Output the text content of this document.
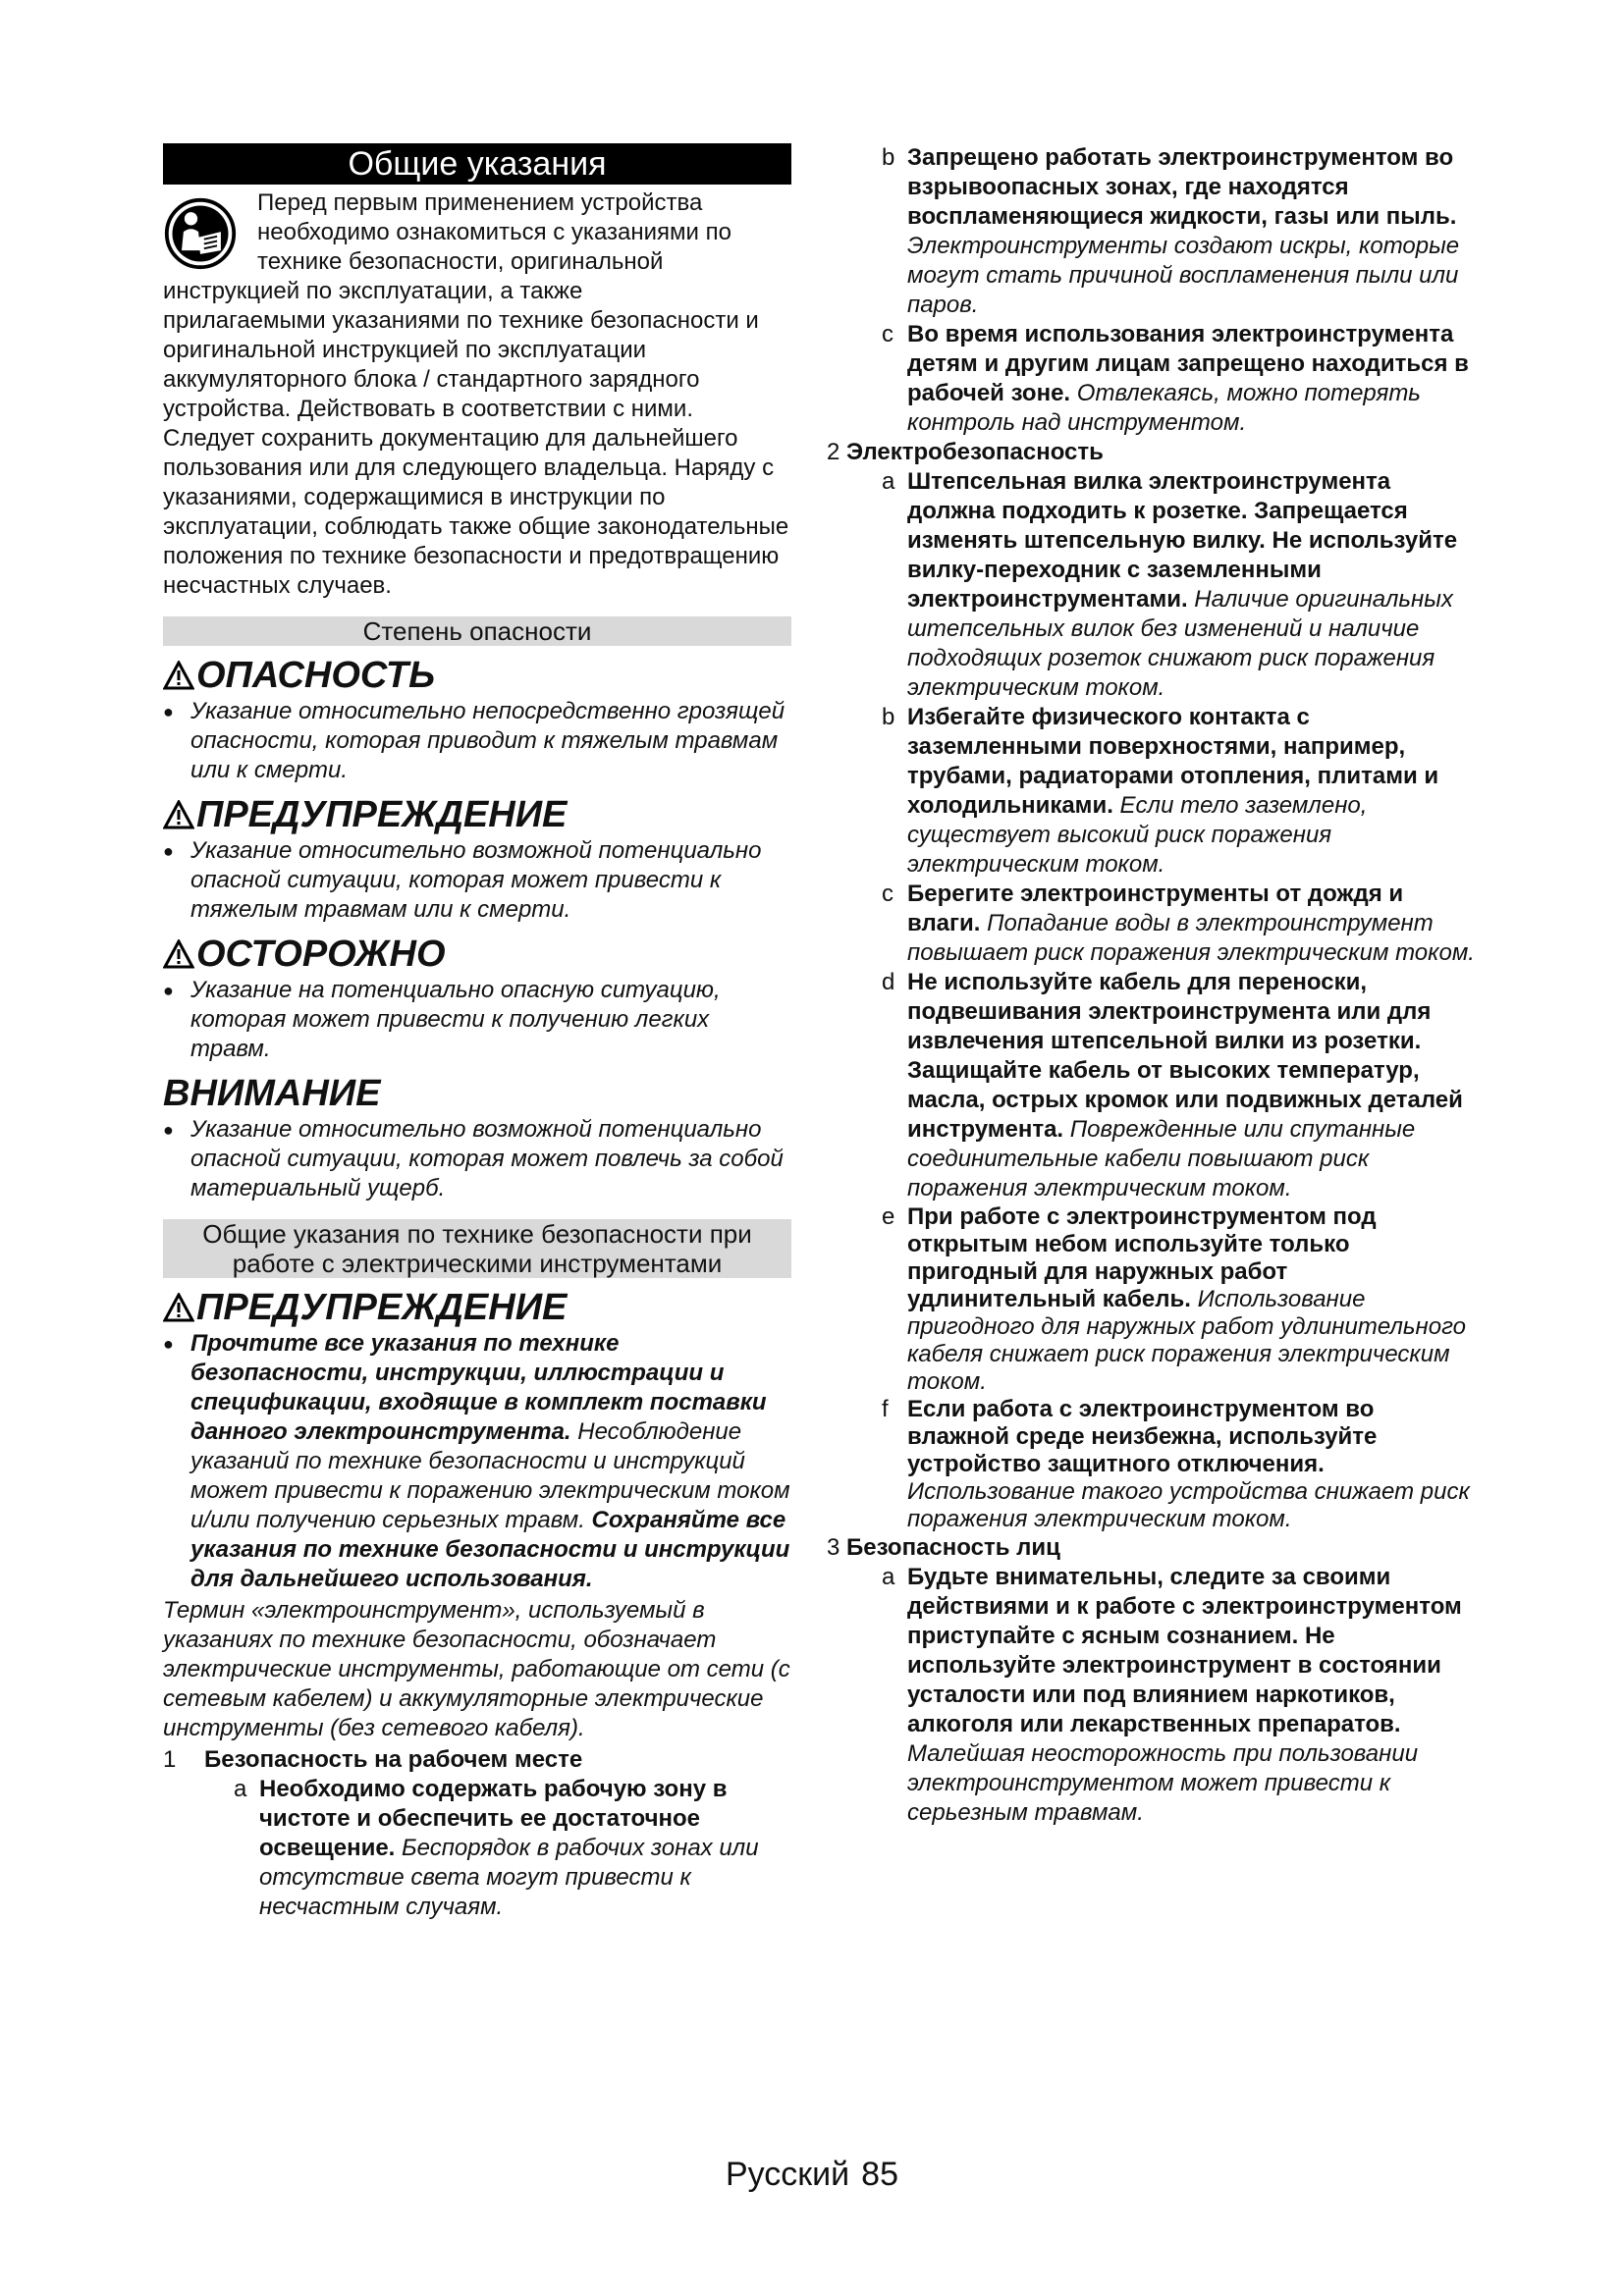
Общие указания

Перед первым применением устройства необходимо ознакомиться с указаниями по технике безопасности, оригинальной инструкцией по эксплуатации, а также

прилагаемыми указаниями по технике безопасности и оригинальной инструкцией по эксплуатации аккумуляторного блока / стандартного зарядного устройства. Действовать в соответствии с ними. Следует сохранить документацию для дальнейшего пользования или для следующего владельца. Наряду с указаниями, содержащимися в инструкции по эксплуатации, соблюдать также общие законодательные положения по технике безопасности и предотвращению несчастных случаев.

Степень опасности
ОПАСНОСТЬ
● Указание относительно непосредственно грозящей опасности, которая приводит к тяжелым травмам или к смерти.
ПРЕДУПРЕЖДЕНИЕ
● Указание относительно возможной потенциально опасной ситуации, которая может привести к тяжелым травмам или к смерти.
ОСТОРОЖНО
● Указание на потенциально опасную ситуацию, которая может привести к получению легких травм.
ВНИМАНИЕ
● Указание относительно возможной потенциально опасной ситуации, которая может повлечь за собой материальный ущерб.
Общие указания по технике безопасности при работе с электрическими инструментами
ПРЕДУПРЕЖДЕНИЕ
● Прочтите все указания по технике безопасности, инструкции, иллюстрации и спецификации, входящие в комплект поставки данного электроинструмента. Несоблюдение указаний по технике безопасности и инструкций может привести к поражению электрическим током и/или получению серьезных травм. Сохраняйте все указания по технике безопасности и инструкции для дальнейшего использования.

Термин «электроинструмент», используемый в указаниях по технике безопасности, обозначает электрические инструменты, работающие от сети (с сетевым кабелем) и аккумуляторные электрические инструменты (без сетевого кабеля).

1	Безопасность на рабочем месте
a Необходимо содержать рабочую зону в чистоте и обеспечить ее достаточное освещение. Беспорядок в рабочих зонах или отсутствие света могут привести к несчастным случаям.
b Запрещено работать электроинструментом во взрывоопасных зонах, где находятся воспламеняющиеся жидкости, газы или пыль. Электроинструменты создают искры, которые могут стать причиной воспламенения пыли или паров.
c Во время использования электроинструмента детям и другим лицам запрещено находиться в рабочей зоне. Отвлекаясь, можно потерять контроль над инструментом.
2 Электробезопасность
a Штепсельная вилка электроинструмента должна подходить к розетке. Запрещается изменять штепсельную вилку. Не используйте вилку-переходник с заземленными электроинструментами. Наличие оригинальных штепсельных вилок без изменений и наличие подходящих розеток снижают риск поражения электрическим током.
b Избегайте физического контакта с заземленными поверхностями, например, трубами, радиаторами отопления, плитами и холодильниками. Если тело заземлено, существует высокий риск поражения электрическим током.
c Берегите электроинструменты от дождя и влаги. Попадание воды в электроинструмент повышает риск поражения электрическим током.
d Не используйте кабель для переноски, подвешивания электроинструмента или для извлечения штепсельной вилки из розетки. Защищайте кабель от высоких температур, масла, острых кромок или подвижных деталей инструмента. Поврежденные или спутанные соединительные кабели повышают риск поражения электрическим током.
e При работе с электроинструментом под открытым небом используйте только пригодный для наружных работ удлинительный кабель. Использование пригодного для наружных работ удлинительного кабеля снижает риск поражения электрическим током.
f Если работа с электроинструментом во влажной среде неизбежна, используйте устройство защитного отключения. Использование такого устройства снижает риск поражения электрическим током.
3 Безопасность лиц
a Будьте внимательны, следите за своими действиями и к работе с электроинструментом приступайте с ясным сознанием. Не используйте электроинструмент в состоянии усталости или под влиянием наркотиков, алкоголя или лекарственных препаратов. Малейшая неосторожность при пользовании электроинструментом может привести к серьезным травмам.
Русский 85
